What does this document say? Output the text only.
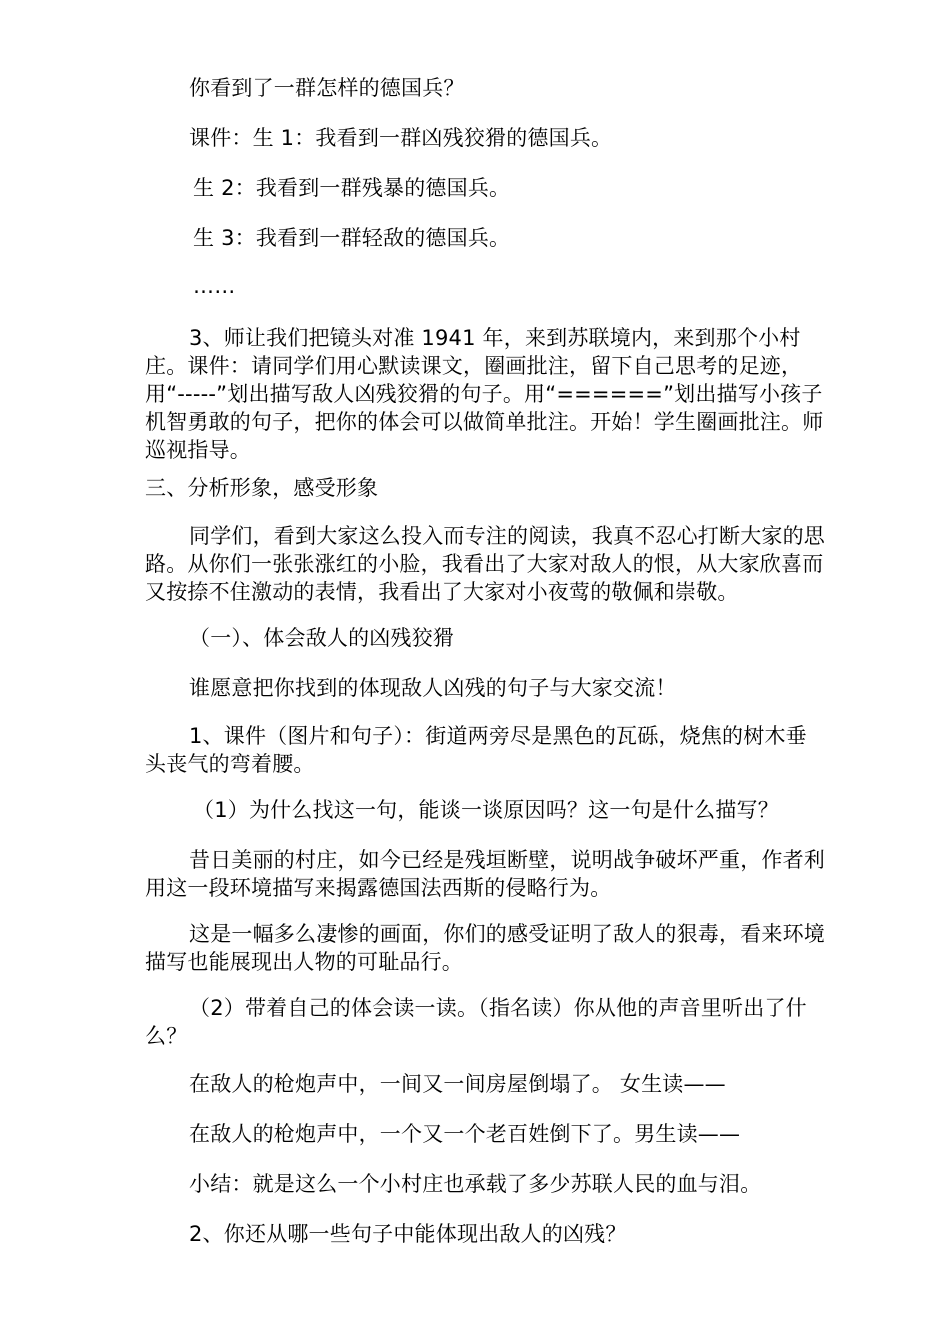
你看到了一群怎样的德国兵？
课件：生 1：我看到一群凶残狡猾的德国兵。
生 2：我看到一群残暴的德国兵。
生 3：我看到一群轻敌的德国兵。
……
3、师让我们把镜头对准 1941 年，来到苏联境内，来到那个小村庄。课件：请同学们用心默读课文，圈画批注，留下自己思考的足迹，用“-----”划出描写敌人凶残狡猾的句子。用“======”划出描写小孩子机智勇敢的句子，把你的体会可以做简单批注。开始！学生圈画批注。师巡视指导。
三、分析形象，感受形象
同学们，看到大家这么投入而专注的阅读，我真不忍心打断大家的思路。从你们一张张涨红的小脸，我看出了大家对敌人的恨，从大家欣喜而又按捺不住激动的表情，我看出了大家对小夜莺的敬佩和崇敬。
（一）、体会敌人的凶残狡猾
谁愿意把你找到的体现敌人凶残的句子与大家交流！
1、课件（图片和句子）：街道两旁尽是黑色的瓦砾，烧焦的树木垂头丧气的弯着腰。
（1）为什么找这一句，能谈一谈原因吗？这一句是什么描写？
昔日美丽的村庄，如今已经是残垣断壁，说明战争破坏严重，作者利用这一段环境描写来揭露德国法西斯的侵略行为。
这是一幅多么凄惨的画面，你们的感受证明了敌人的狠毒，看来环境描写也能展现出人物的可耻品行。
（2）带着自己的体会读一读。（指名读）你从他的声音里听出了什么？
在敌人的枪炮声中，一间又一间房屋倒塌了。 女生读——
在敌人的枪炮声中，一个又一个老百姓倒下了。男生读——
小结：就是这么一个小村庄也承载了多少苏联人民的血与泪。
2、你还从哪一些句子中能体现出敌人的凶残？
